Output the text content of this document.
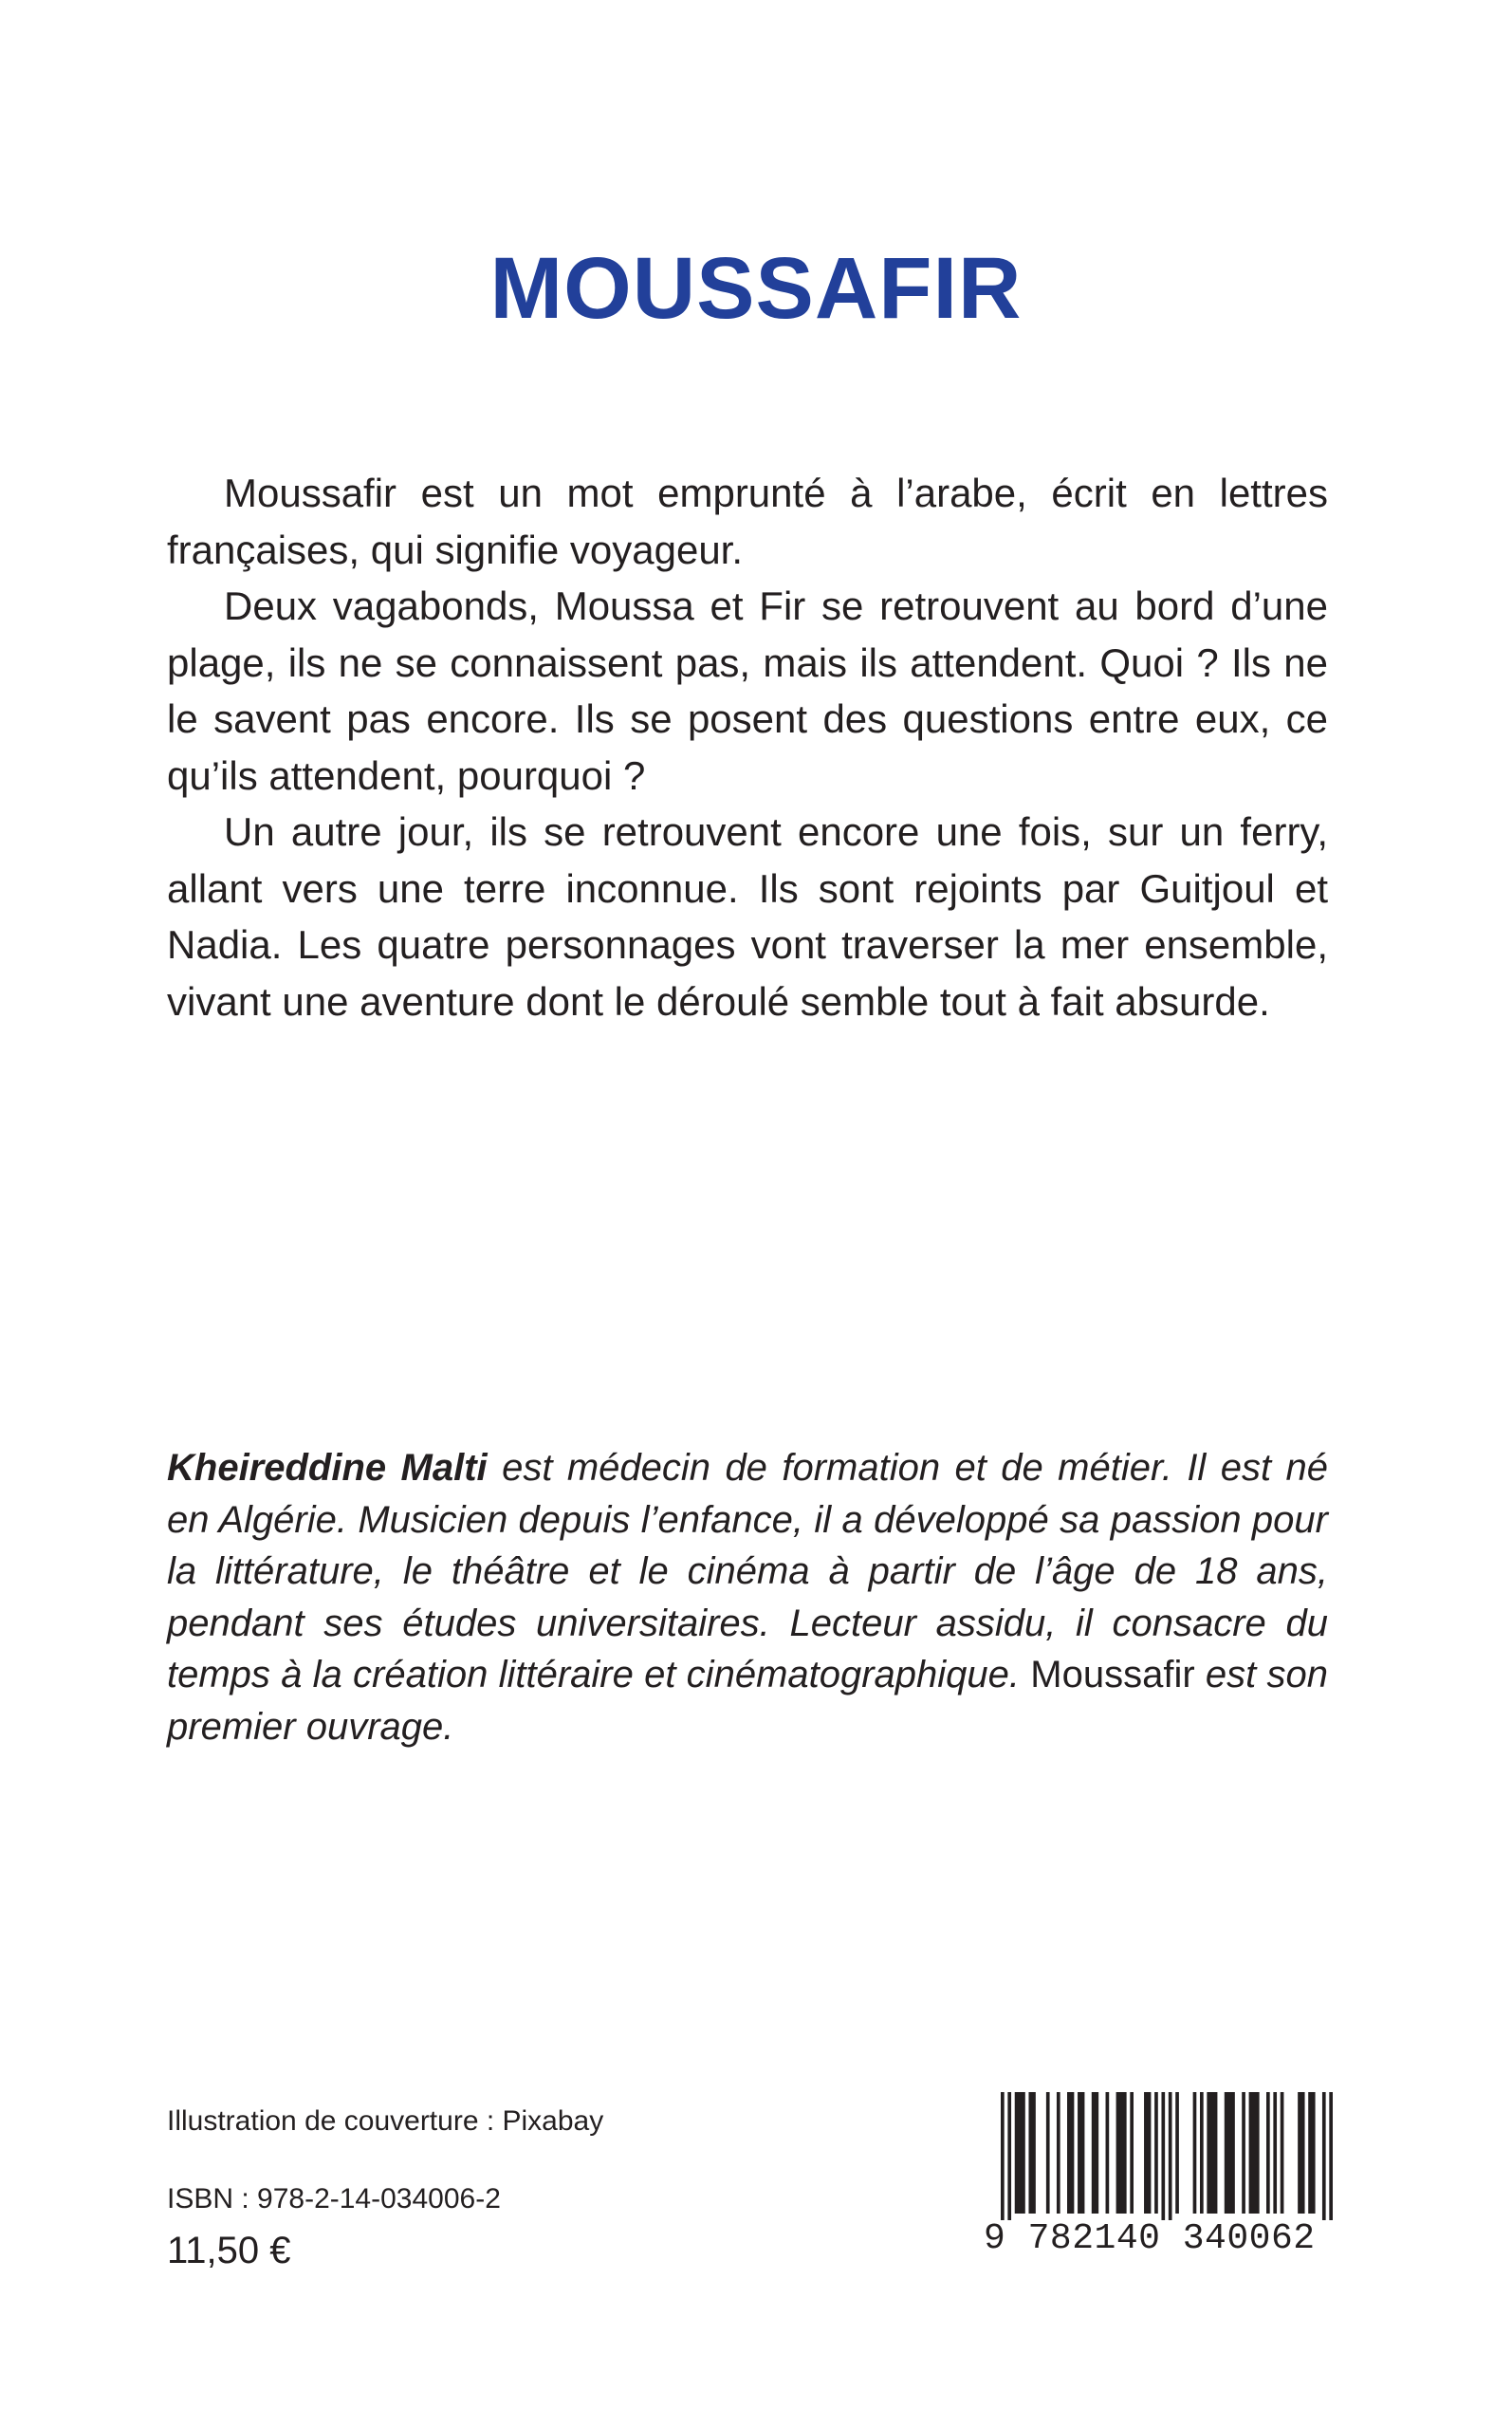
MOUSSAFIR

Moussafir est un mot emprunté à l’arabe, écrit en lettres françaises, qui signifie voyageur.

Deux vagabonds, Moussa et Fir se retrouvent au bord d’une plage, ils ne se connaissent pas, mais ils attendent. Quoi ? Ils ne le savent pas encore. Ils se posent des questions entre eux, ce qu’ils attendent, pourquoi ?

Un autre jour, ils se retrouvent encore une fois, sur un ferry, allant vers une terre inconnue. Ils sont rejoints par Guitjoul et Nadia. Les quatre personnages vont traverser la mer ensemble, vivant une aventure dont le déroulé semble tout à fait absurde.

Kheireddine Malti est médecin de formation et de métier. Il est né en Algérie. Musicien depuis l’enfance, il a développé sa passion pour la littérature, le théâtre et le cinéma à partir de l’âge de 18 ans, pendant ses études universitaires. Lecteur assidu, il consacre du temps à la création littéraire et cinématographique. Moussafir est son premier ouvrage.

Illustration de couverture : Pixabay
ISBN : 978-2-14-034006-2
11,50 €	9 782140 340062
